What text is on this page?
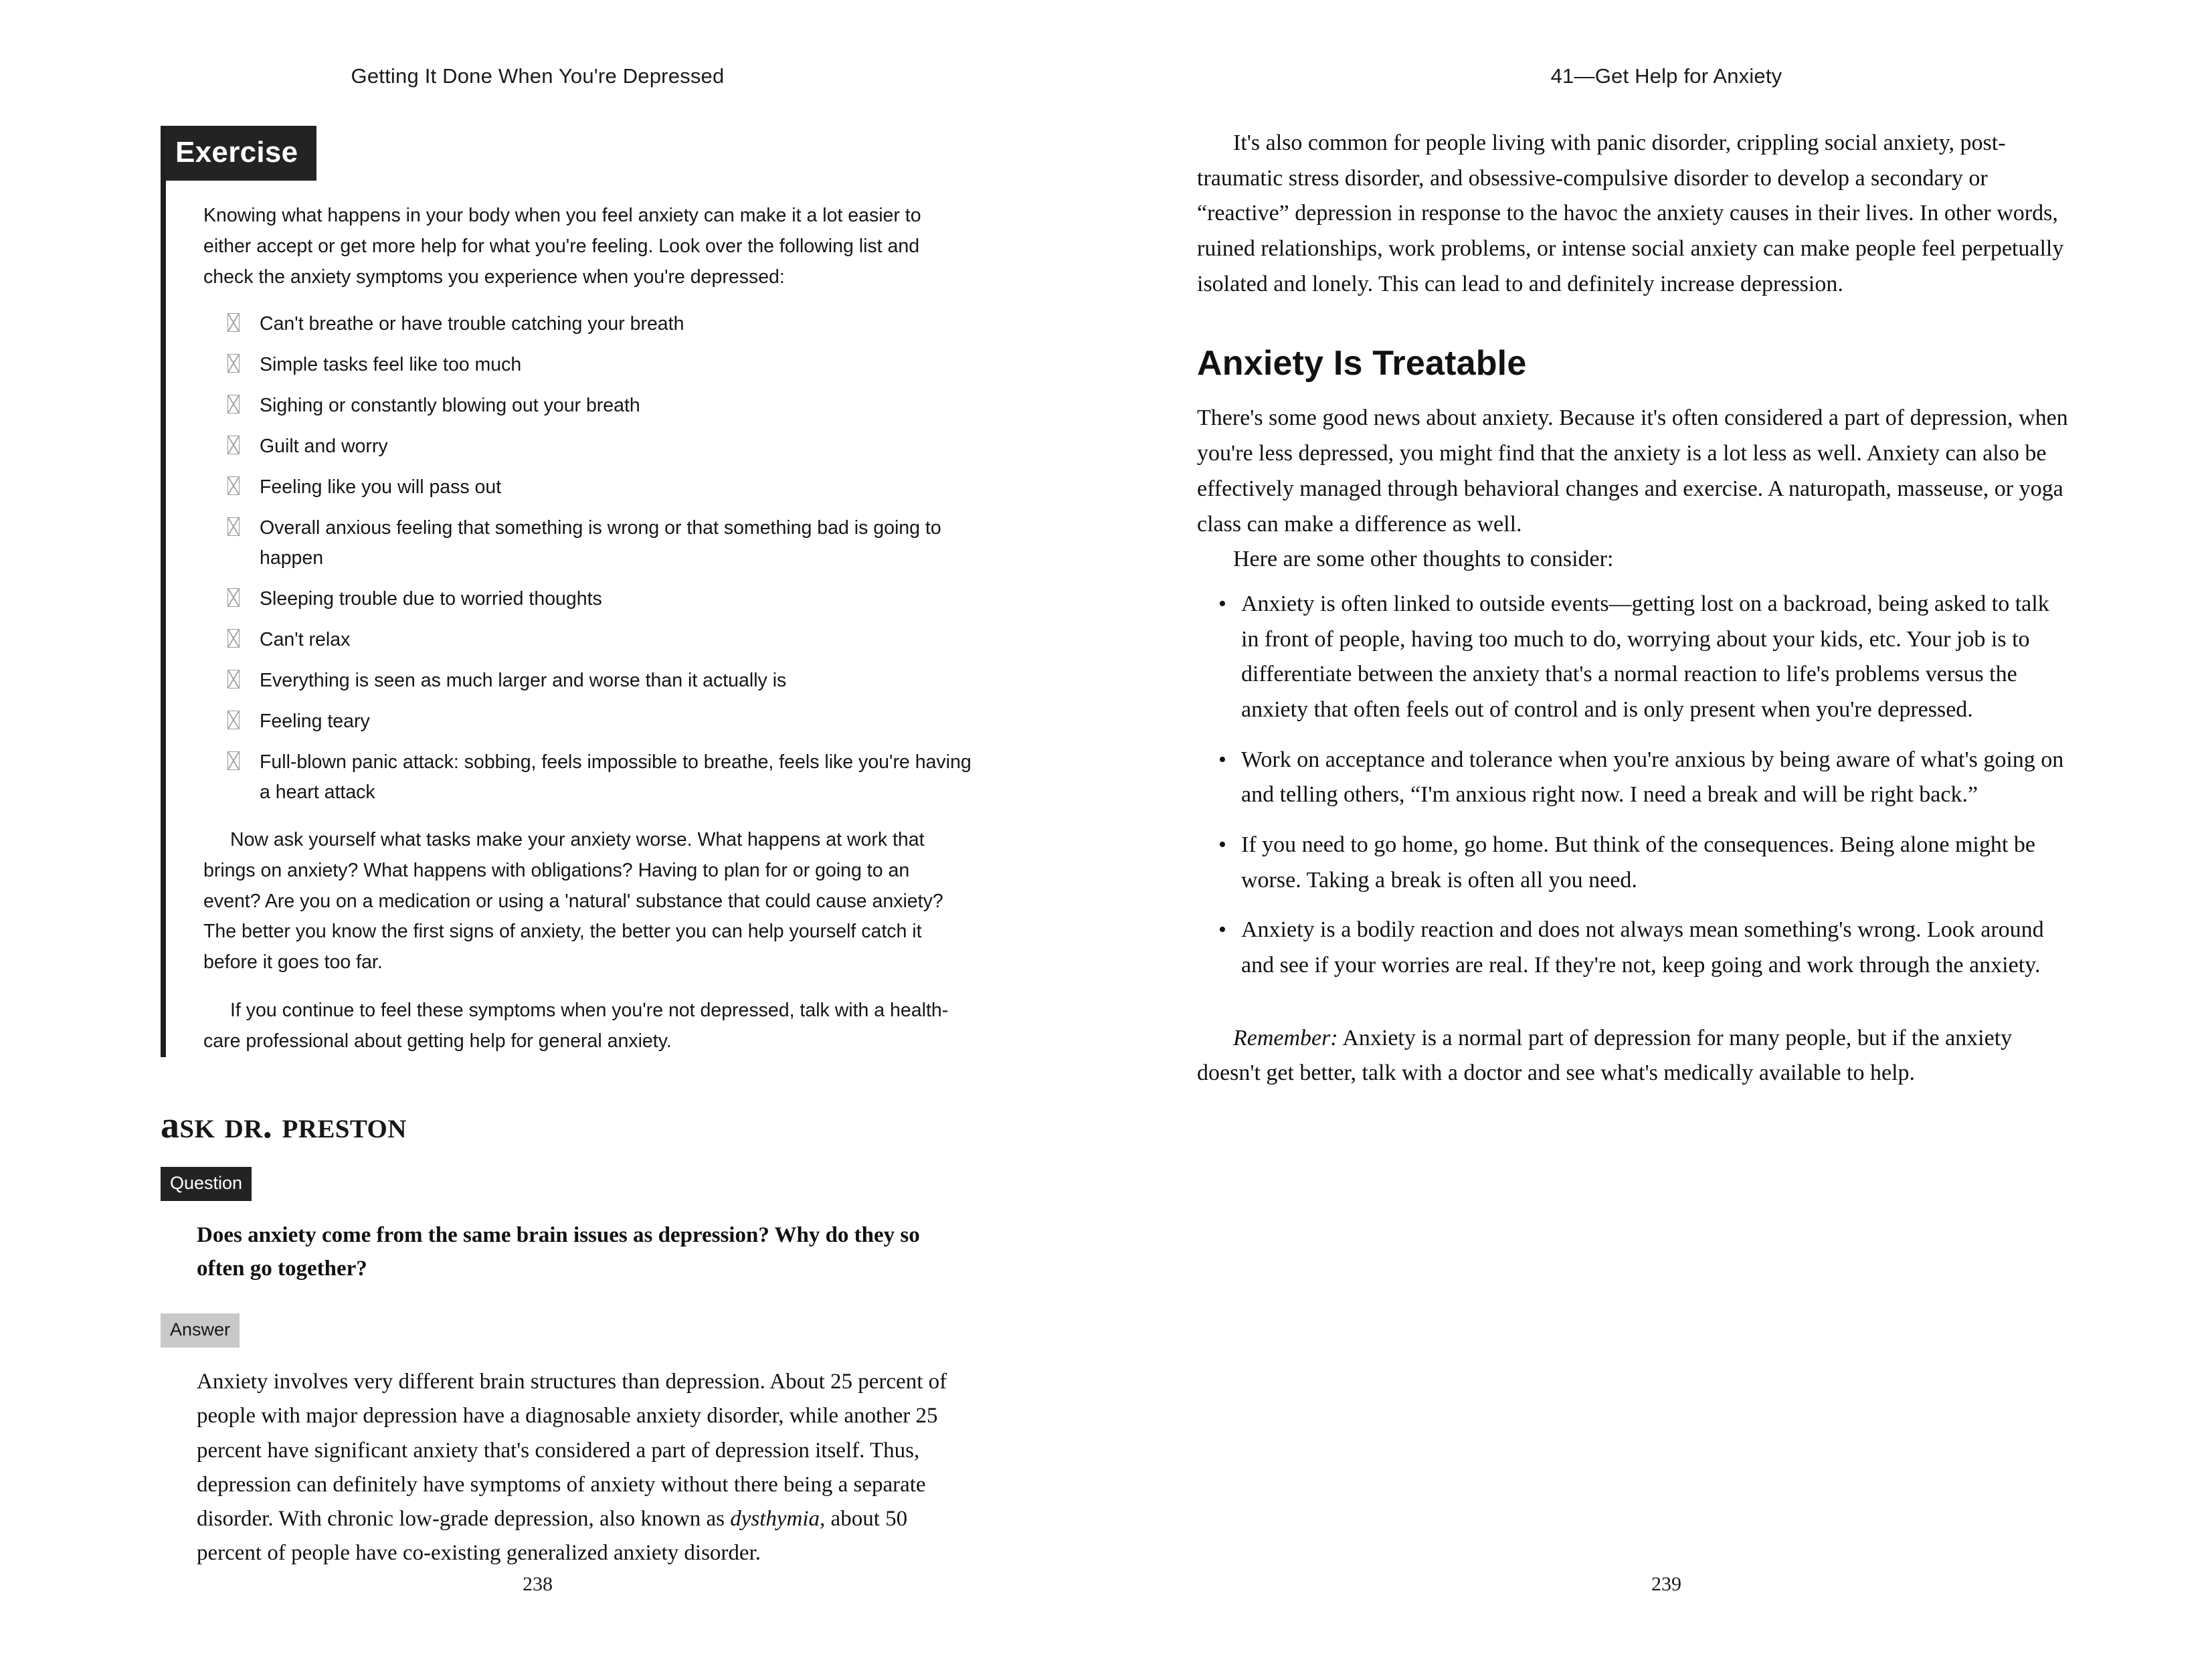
Getting It Done When You're Depressed
Exercise

Knowing what happens in your body when you feel anxiety can make it a lot easier to either accept or get more help for what you're feeling. Look over the following list and check the anxiety symptoms you experience when you're depressed:

Can't breathe or have trouble catching your breath
Simple tasks feel like too much
Sighing or constantly blowing out your breath
Guilt and worry
Feeling like you will pass out
Overall anxious feeling that something is wrong or that something bad is going to happen
Sleeping trouble due to worried thoughts
Can't relax
Everything is seen as much larger and worse than it actually is
Feeling teary
Full-blown panic attack: sobbing, feels impossible to breathe, feels like you're having a heart attack

Now ask yourself what tasks make your anxiety worse. What happens at work that brings on anxiety? What happens with obligations? Having to plan for or going to an event? Are you on a medication or using a 'natural' substance that could cause anxiety? The better you know the first signs of anxiety, the better you can help yourself catch it before it goes too far.

If you continue to feel these symptoms when you're not depressed, talk with a health-care professional about getting help for general anxiety.

ask dr. preston
Question

Does anxiety come from the same brain issues as depression? Why do they so often go together?

Answer

Anxiety involves very different brain structures than depression. About 25 percent of people with major depression have a diagnosable anxiety disorder, while another 25 percent have significant anxiety that's considered a part of depression itself. Thus, depression can definitely have symptoms of anxiety without there being a separate disorder. With chronic low-grade depression, also known as dysthymia, about 50 percent of people have co-existing generalized anxiety disorder.

238
41—Get Help for Anxiety

It's also common for people living with panic disorder, crippling social anxiety, post-traumatic stress disorder, and obsessive-compulsive disorder to develop a secondary or “reactive” depression in response to the havoc the anxiety causes in their lives. In other words, ruined relationships, work problems, or intense social anxiety can make people feel perpetually isolated and lonely. This can lead to and definitely increase depression.

Anxiety Is Treatable

There's some good news about anxiety. Because it's often considered a part of depression, when you're less depressed, you might find that the anxiety is a lot less as well. Anxiety can also be effectively managed through behavioral changes and exercise. A naturopath, masseuse, or yoga class can make a difference as well.

Here are some other thoughts to consider:

• Anxiety is often linked to outside events—getting lost on a backroad, being asked to talk in front of people, having too much to do, worrying about your kids, etc. Your job is to differentiate between the anxiety that's a normal reaction to life's problems versus the anxiety that often feels out of control and is only present when you're depressed.
• Work on acceptance and tolerance when you're anxious by being aware of what's going on and telling others, “I'm anxious right now. I need a break and will be right back.”
• If you need to go home, go home. But think of the consequences. Being alone might be worse. Taking a break is often all you need.
• Anxiety is a bodily reaction and does not always mean something's wrong. Look around and see if your worries are real. If they're not, keep going and work through the anxiety.

Remember: Anxiety is a normal part of depression for many people, but if the anxiety doesn't get better, talk with a doctor and see what's medically available to help.

239
